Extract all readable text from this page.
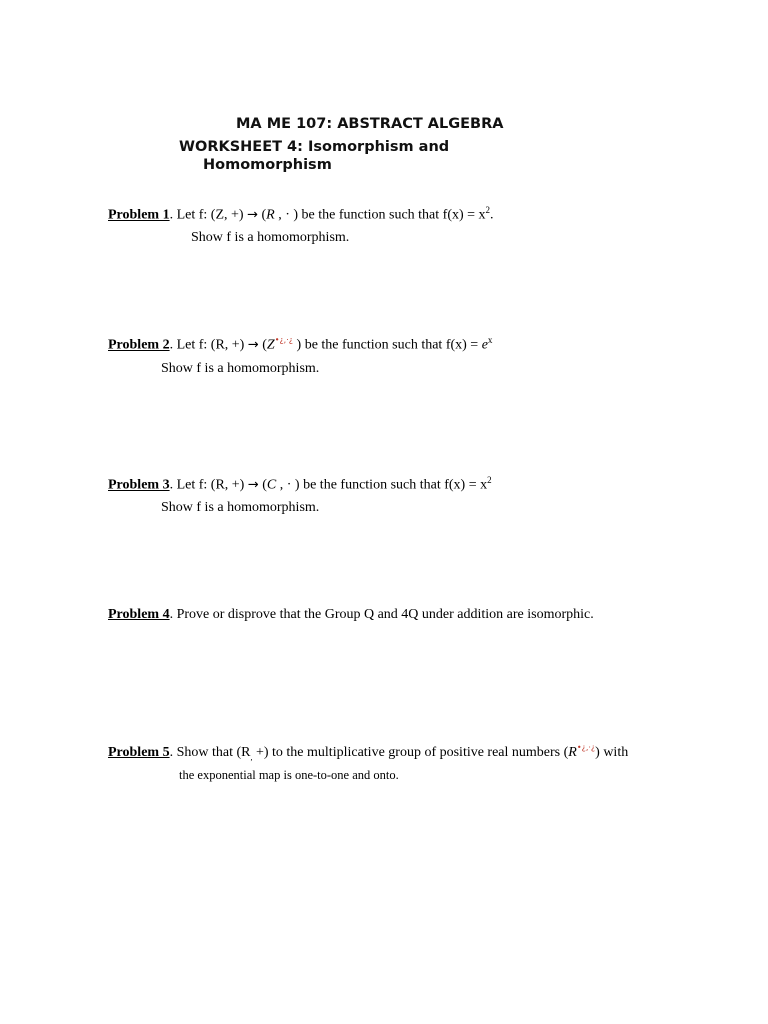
MA ME 107: ABSTRACT ALGEBRA
WORKSHEET 4: Isomorphism and
Homomorphism
Problem 1. Let f: (Z, +) → (R , · ) be the function such that $f(x) = x^2$.
Show f is a homomorphism.
Problem 2. Let f: (R, +) → (Z•¿,·¿ ) be the function such that $f(x) = e^x$
Show f is a homomorphism.
Problem 3. Let f: (R, +) → (C , · ) be the function such that $f(x) = x^2$
Show f is a homomorphism.
Problem 4. Prove or disprove that the Group Q and 4Q under addition are isomorphic.
Problem 5. Show that ($R_,$ +) to the multiplicative group of positive real numbers (R•¿,·¿) with
the exponential map is one-to-one and onto.
